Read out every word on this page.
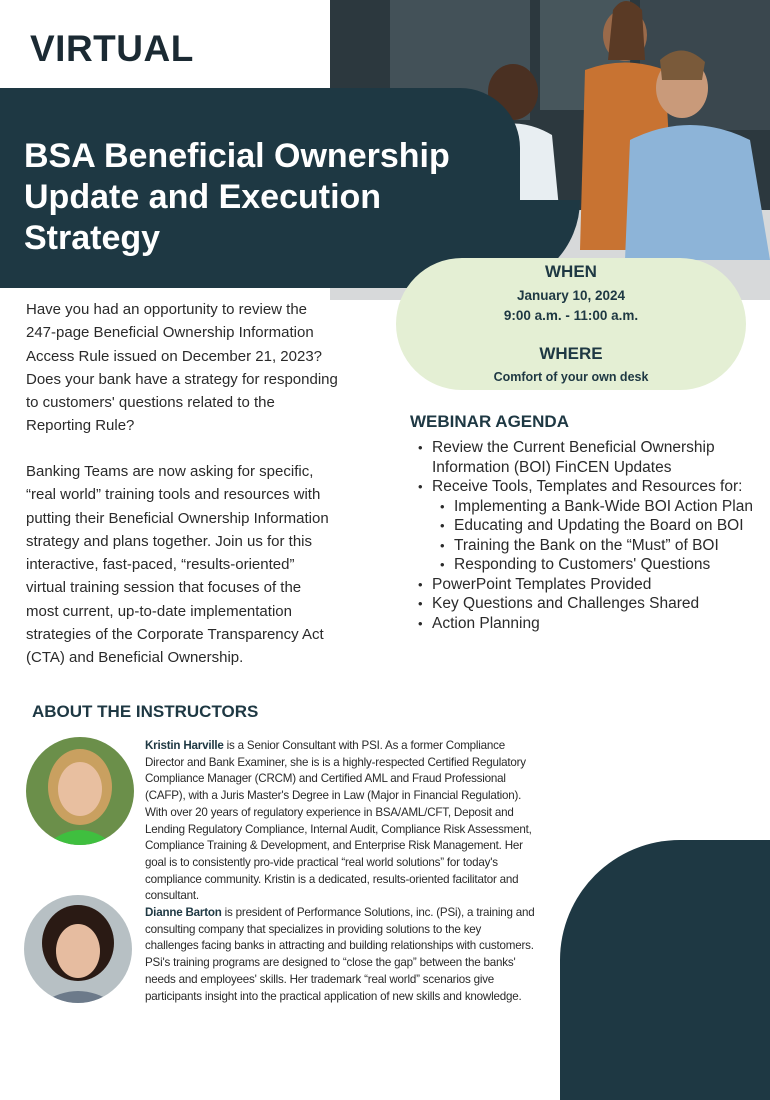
VIRTUAL
BSA Beneficial Ownership
Update and Execution
Strategy
WHEN
January 10, 2024
9:00 a.m. - 11:00 a.m.
WHERE
Comfort of your own desk
Have you had an opportunity to review the
247-page Beneficial Ownership Information
Access Rule issued on December 21, 2023?
Does your bank have a strategy for responding
to customers' questions related to the
Reporting Rule?
Banking Teams are now asking for specific,
“real world” training tools and resources with
putting their Beneficial Ownership Information
strategy and plans together. Join us for this
interactive, fast-paced, “results-oriented”
virtual training session that focuses of the
most current, up-to-date implementation
strategies of the Corporate Transparency Act
(CTA) and Beneficial Ownership.
WEBINAR AGENDA
• Review the Current Beneficial Ownership Information (BOI) FinCEN Updates
• Receive Tools, Templates and Resources for:
• Implementing a Bank-Wide BOI Action Plan
• Educating and Updating the Board on BOI
• Training the Bank on the “Must” of BOI
• Responding to Customers' Questions
• PowerPoint Templates Provided
• Key Questions and Challenges Shared
• Action Planning
ABOUT THE INSTRUCTORS
Kristin Harville is a Senior Consultant with PSI. As a former Compliance Director and Bank Examiner, she is is a highly-respected Certified Regulatory Compliance Manager (CRCM) and Certified AML and Fraud Professional (CAFP), with a Juris Master's Degree in Law (Major in Financial Regulation). With over 20 years of regulatory experience in BSA/AML/CFT, Deposit and Lending Regulatory Compliance, Internal Audit, Compliance Risk Assessment, Compliance Training & Development, and Enterprise Risk Management. Her goal is to consistently pro-vide practical “real world solutions” for today's compliance community. Kristin is a dedicated, results-oriented facilitator and consultant.
Dianne Barton is president of Performance Solutions, inc. (PSi), a training and consulting company that specializes in providing solutions to the key challenges facing banks in attracting and building relationships with customers. PSi's training programs are designed to “close the gap” between the banks' needs and employees' skills. Her trademark “real world” scenarios give participants insight into the practical application of new skills and knowledge.
